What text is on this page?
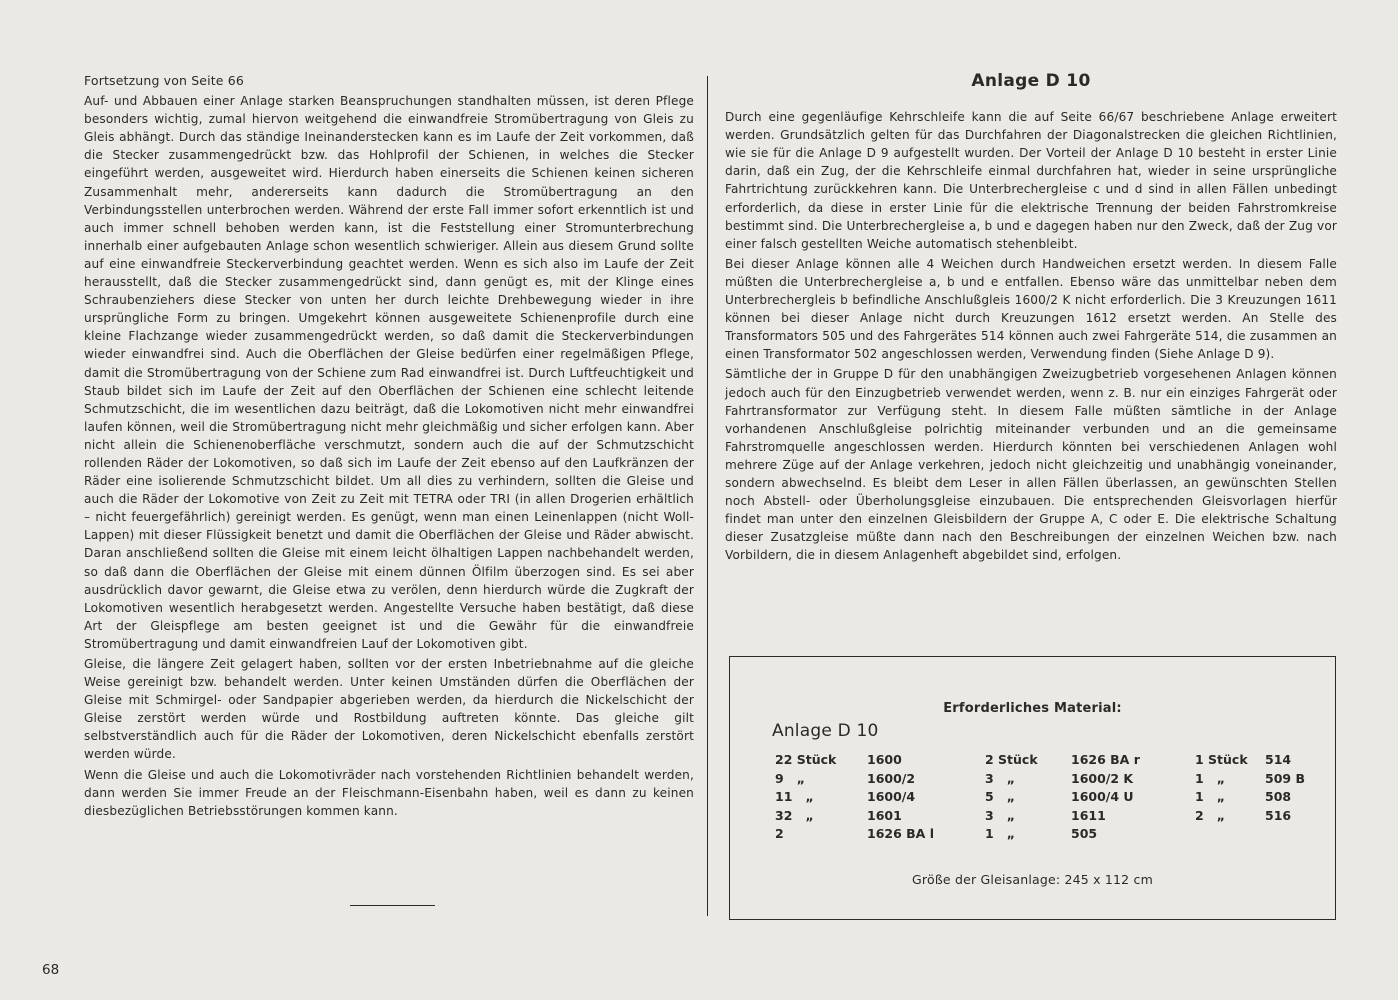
Fortsetzung von Seite 66

Auf- und Abbauen einer Anlage starken Beanspruchungen standhalten müssen, ist deren Pflege besonders wichtig, zumal hiervon weitgehend die einwandfreie Stromübertragung von Gleis zu Gleis abhängt. Durch das ständige Ineinanderstecken kann es im Laufe der Zeit vorkommen, daß die Stecker zusammengedrückt bzw. das Hohlprofil der Schienen, in welches die Stecker eingeführt werden, ausgeweitet wird. Hierdurch haben einerseits die Schienen keinen sicheren Zusammenhalt mehr, andererseits kann dadurch die Stromübertragung an den Verbindungsstellen unterbrochen werden. Während der erste Fall immer sofort erkenntlich ist und auch immer schnell behoben werden kann, ist die Feststellung einer Stromunterbrechung innerhalb einer aufgebauten Anlage schon wesentlich schwieriger. Allein aus diesem Grund sollte auf eine einwandfreie Steckerverbindung geachtet werden. Wenn es sich also im Laufe der Zeit herausstellt, daß die Stecker zusammengedrückt sind, dann genügt es, mit der Klinge eines Schraubenziehers diese Stecker von unten her durch leichte Drehbewegung wieder in ihre ursprüngliche Form zu bringen. Umgekehrt können ausgeweitete Schienenprofile durch eine kleine Flachzange wieder zusammengedrückt werden, so daß damit die Steckerverbindungen wieder einwandfrei sind. Auch die Oberflächen der Gleise bedürfen einer regelmäßigen Pflege, damit die Stromübertragung von der Schiene zum Rad einwandfrei ist. Durch Luftfeuchtigkeit und Staub bildet sich im Laufe der Zeit auf den Oberflächen der Schienen eine schlecht leitende Schmutzschicht, die im wesentlichen dazu beiträgt, daß die Lokomotiven nicht mehr einwandfrei laufen können, weil die Stromübertragung nicht mehr gleichmäßig und sicher erfolgen kann. Aber nicht allein die Schienenoberfläche verschmutzt, sondern auch die auf der Schmutzschicht rollenden Räder der Lokomotiven, so daß sich im Laufe der Zeit ebenso auf den Laufkränzen der Räder eine isolierende Schmutzschicht bildet. Um all dies zu verhindern, sollten die Gleise und auch die Räder der Lokomotive von Zeit zu Zeit mit TETRA oder TRI (in allen Drogerien erhältlich – nicht feuergefährlich) gereinigt werden. Es genügt, wenn man einen Leinenlappen (nicht Woll-Lappen) mit dieser Flüssigkeit benetzt und damit die Oberflächen der Gleise und Räder abwischt. Daran anschließend sollten die Gleise mit einem leicht ölhaltigen Lappen nachbehandelt werden, so daß dann die Oberflächen der Gleise mit einem dünnen Ölfilm überzogen sind. Es sei aber ausdrücklich davor gewarnt, die Gleise etwa zu verölen, denn hierdurch würde die Zugkraft der Lokomotiven wesentlich herabgesetzt werden. Angestellte Versuche haben bestätigt, daß diese Art der Gleispflege am besten geeignet ist und die Gewähr für die einwandfreie Stromübertragung und damit einwandfreien Lauf der Lokomotiven gibt.

Gleise, die längere Zeit gelagert haben, sollten vor der ersten Inbetriebnahme auf die gleiche Weise gereinigt bzw. behandelt werden. Unter keinen Umständen dürfen die Oberflächen der Gleise mit Schmirgel- oder Sandpapier abgerieben werden, da hierdurch die Nickelschicht der Gleise zerstört werden würde und Rostbildung auftreten könnte. Das gleiche gilt selbstverständlich auch für die Räder der Lokomotiven, deren Nickelschicht ebenfalls zerstört werden würde.

Wenn die Gleise und auch die Lokomotivräder nach vorstehenden Richtlinien behandelt werden, dann werden Sie immer Freude an der Fleischmann-Eisenbahn haben, weil es dann zu keinen diesbezüglichen Betriebsstörungen kommen kann.

68
Anlage D 10

Durch eine gegenläufige Kehrschleife kann die auf Seite 66/67 beschriebene Anlage erweitert werden. Grundsätzlich gelten für das Durchfahren der Diagonalstrecken die gleichen Richtlinien, wie sie für die Anlage D 9 aufgestellt wurden. Der Vorteil der Anlage D 10 besteht in erster Linie darin, daß ein Zug, der die Kehrschleife einmal durchfahren hat, wieder in seine ursprüngliche Fahrtrichtung zurückkehren kann. Die Unterbrechergleise c und d sind in allen Fällen unbedingt erforderlich, da diese in erster Linie für die elektrische Trennung der beiden Fahrstromkreise bestimmt sind. Die Unterbrechergleise a, b und e dagegen haben nur den Zweck, daß der Zug vor einer falsch gestellten Weiche automatisch stehenbleibt.

Bei dieser Anlage können alle 4 Weichen durch Handweichen ersetzt werden. In diesem Falle müßten die Unterbrechergleise a, b und e entfallen. Ebenso wäre das unmittelbar neben dem Unterbrechergleis b befindliche Anschlußgleis 1600/2 K nicht erforderlich. Die 3 Kreuzungen 1611 können bei dieser Anlage nicht durch Kreuzungen 1612 ersetzt werden. An Stelle des Transformators 505 und des Fahrgerätes 514 können auch zwei Fahrgeräte 514, die zusammen an einen Transformator 502 angeschlossen werden, Verwendung finden (Siehe Anlage D 9).

Sämtliche der in Gruppe D für den unabhängigen Zweizugbetrieb vorgesehenen Anlagen können jedoch auch für den Einzugbetrieb verwendet werden, wenn z. B. nur ein einziges Fahrgerät oder Fahrtransformator zur Verfügung steht. In diesem Falle müßten sämtliche in der Anlage vorhandenen Anschlußgleise polrichtig miteinander verbunden und an die gemeinsame Fahrstromquelle angeschlossen werden. Hierdurch könnten bei verschiedenen Anlagen wohl mehrere Züge auf der Anlage verkehren, jedoch nicht gleichzeitig und unabhängig voneinander, sondern abwechselnd. Es bleibt dem Leser in allen Fällen überlassen, an gewünschten Stellen noch Abstell- oder Überholungsgleise einzubauen. Die entsprechenden Gleisvorlagen hierfür findet man unter den einzelnen Gleisbildern der Gruppe A, C oder E. Die elektrische Schaltung dieser Zusatzgleise müßte dann nach den Beschreibungen der einzelnen Weichen bzw. nach Vorbildern, die in diesem Anlagenheft abgebildet sind, erfolgen.

Erforderliches Material:
Anlage D 10
22 Stück	1600	2 Stück	1626 BA r	1 Stück 514
9   „	1600/2	3   „	1600/2 K	1   „	509 B
11   „	1600/4	5   „	1600/4 U	1   „	508
32   „	1601	3   „	1611	2   „	516
2	1626 BA l	1   „	505
Größe der Gleisanlage: 245 x 112 cm
